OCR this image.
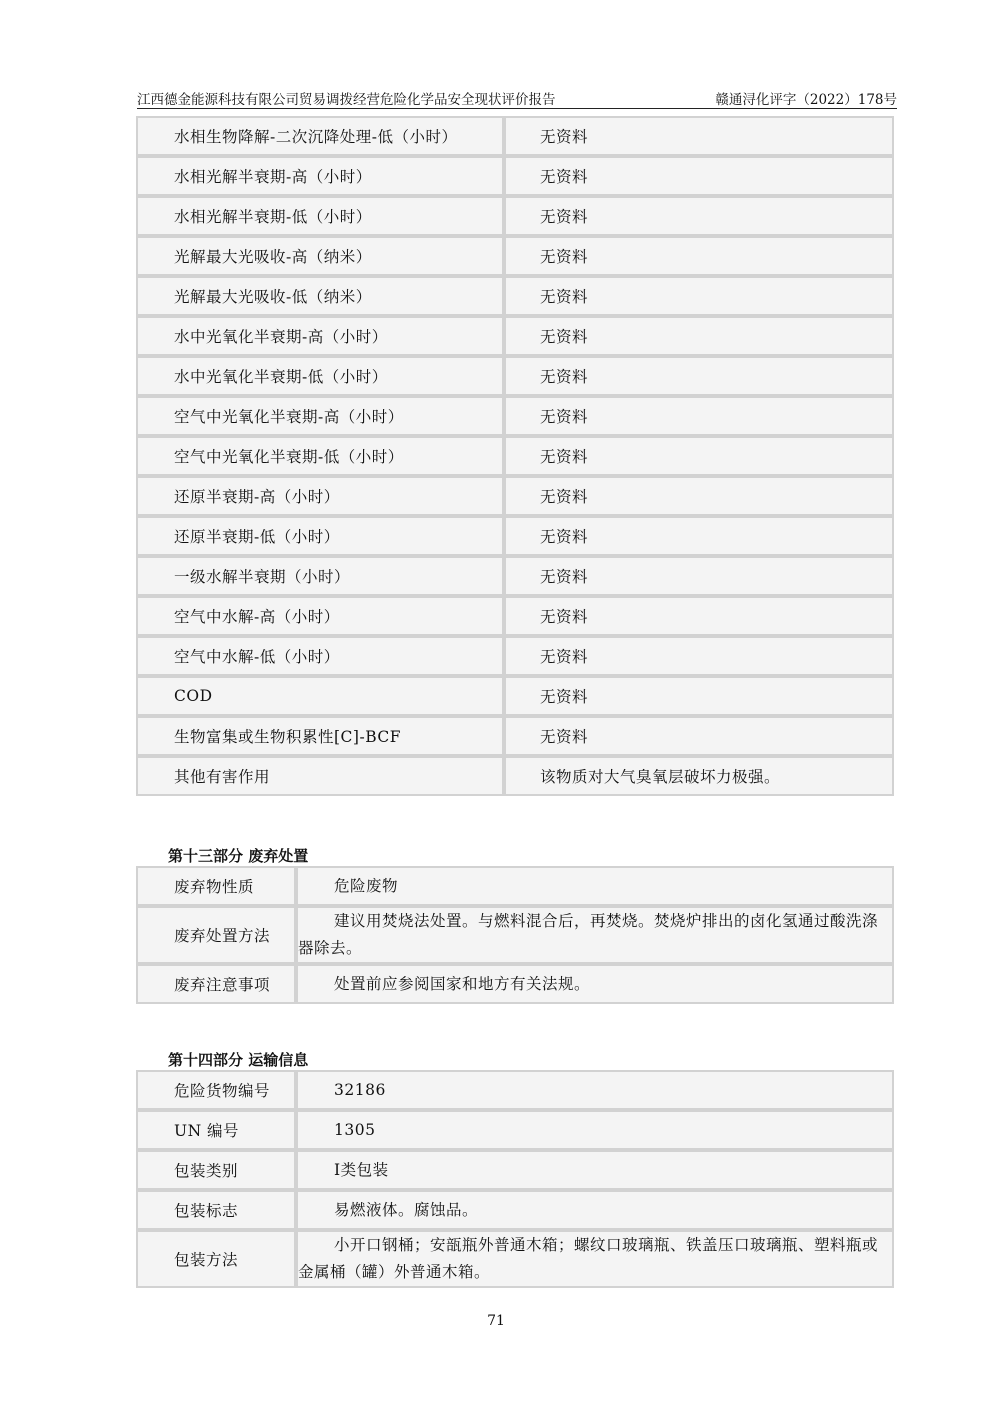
江西德金能源科技有限公司贸易调拨经营危险化学品安全现状评价报告	赣通浔化评字（2022）178号
水相生物降解-二次沉降处理-低（小时）	无资料
水相光解半衰期-高（小时）	无资料
水相光解半衰期-低（小时）	无资料
光解最大光吸收-高（纳米）	无资料
光解最大光吸收-低（纳米）	无资料
水中光氧化半衰期-高（小时）	无资料
水中光氧化半衰期-低（小时）	无资料
空气中光氧化半衰期-高（小时）	无资料
空气中光氧化半衰期-低（小时）	无资料
还原半衰期-高（小时）	无资料
还原半衰期-低（小时）	无资料
一级水解半衰期（小时）	无资料
空气中水解-高（小时）	无资料
空气中水解-低（小时）	无资料
COD	无资料
生物富集或生物积累性[C]-BCF	无资料
其他有害作用	该物质对大气臭氧层破坏力极强。
第十三部分 废弃处置
废弃物性质	危险废物

废弃处置方法	建议用焚烧法处置。与燃料混合后，再焚烧。焚烧炉排出的卤化氢通过酸洗涤器除去。
废弃注意事项	处置前应参阅国家和地方有关法规。
第十四部分 运输信息
危险货物编号	32186

UN 编号	1305

包装类别	Ⅰ类包装

包装标志	易燃液体。腐蚀品。

包装方法	小开口钢桶；安瓿瓶外普通木箱；螺纹口玻璃瓶、铁盖压口玻璃瓶、塑料瓶或金属桶（罐）外普通木箱。
71
